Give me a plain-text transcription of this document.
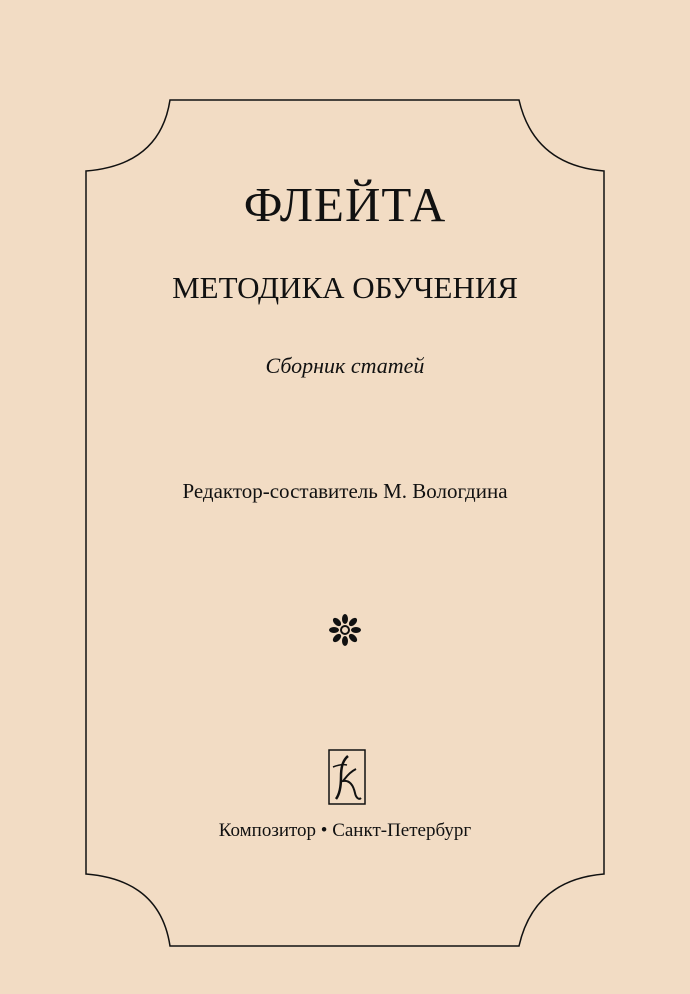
ФЛЕЙТА
МЕТОДИКА ОБУЧЕНИЯ
Сборник статей
Редактор-составитель М. Вологдина
Композитор • Санкт-Петербург
